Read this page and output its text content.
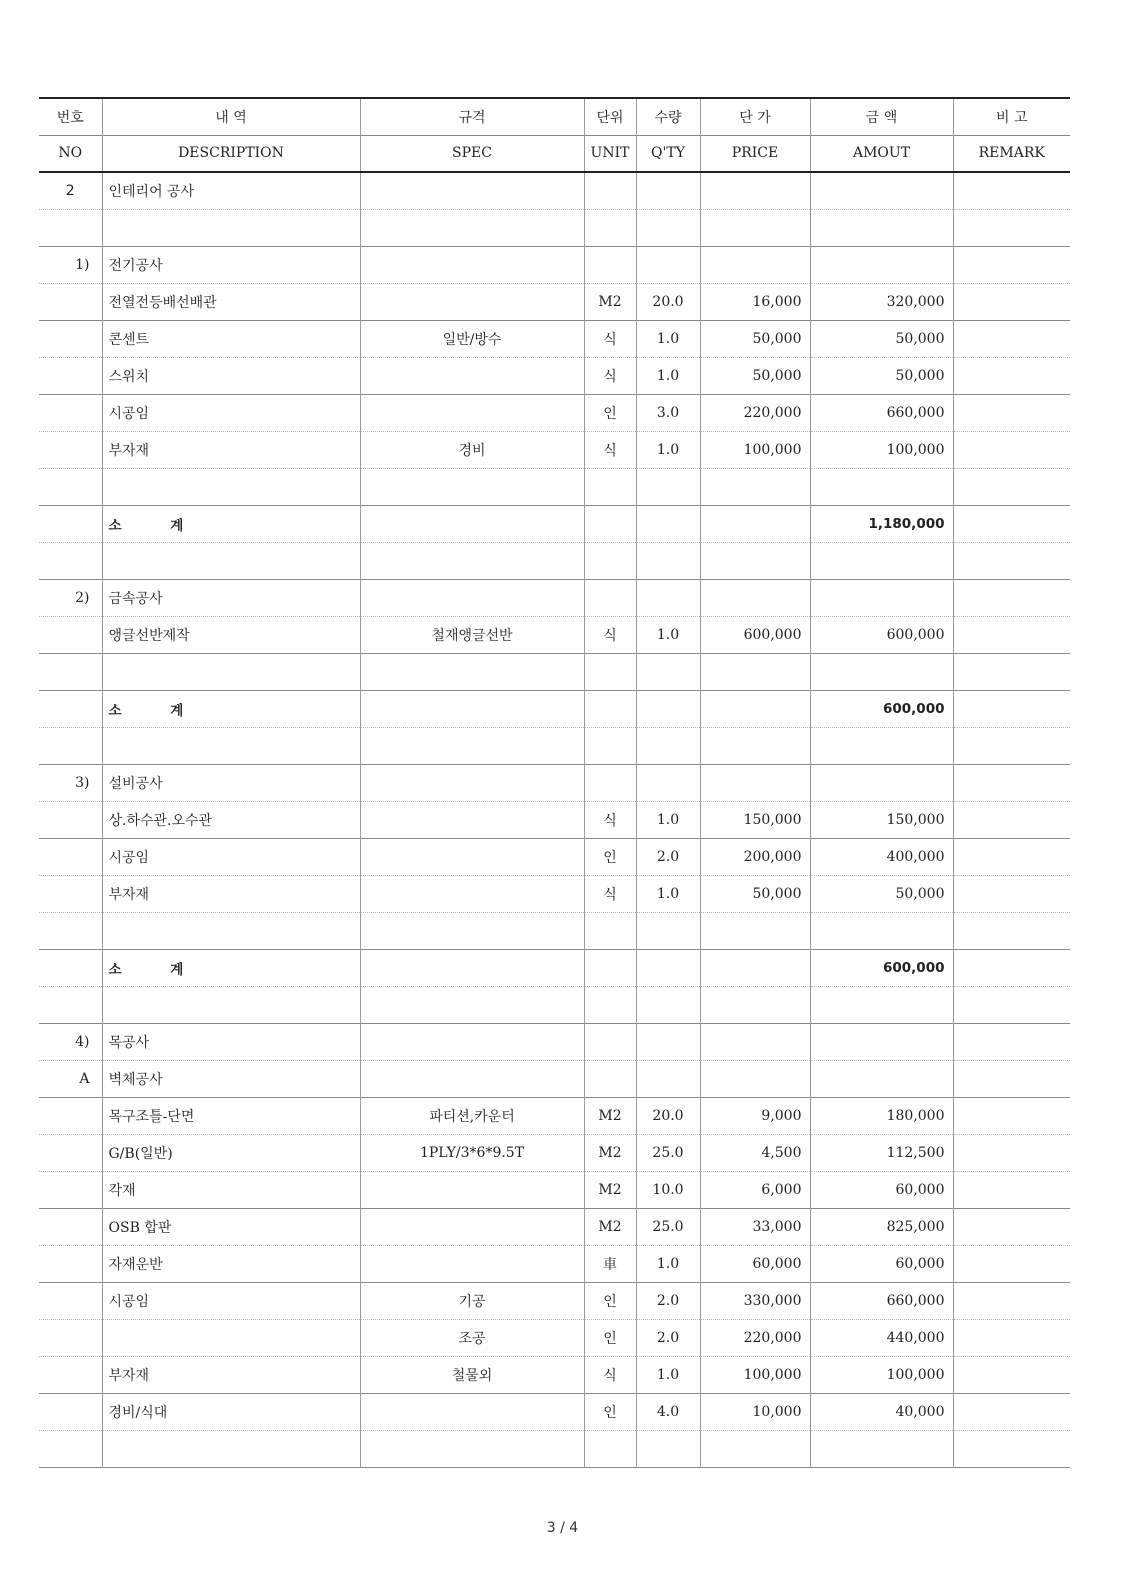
번호	내 역	규격	단위	수량	단 가	금 액	비 고
NO	DESCRIPTION	SPEC	UNIT	Q'TY	PRICE	AMOUT	REMARK
2	인테리어 공사						

1)	전기공사						
	전열전등배선배관		M2	20.0	16,000	320,000	
	콘센트	일반/방수	식	1.0	50,000	50,000	
	스위치		식	1.0	50,000	50,000	
	시공임		인	3.0	220,000	660,000	
	부자재	경비	식	1.0	100,000	100,000	

	소 계					1,180,000	

2)	금속공사						
	앵글선반제작	철재앵글선반	식	1.0	600,000	600,000	

	소 계					600,000	

3)	설비공사						
	상.하수관.오수관		식	1.0	150,000	150,000	
	시공임		인	2.0	200,000	400,000	
	부자재		식	1.0	50,000	50,000	

	소 계					600,000	

4)	목공사						
A	벽체공사						
	목구조틀-단면	파티션,카운터	M2	20.0	9,000	180,000	
	G/B(일반)	1PLY/3*6*9.5T	M2	25.0	4,500	112,500	
	각재		M2	10.0	6,000	60,000	
	OSB 합판		M2	25.0	33,000	825,000	
	자재운반		車	1.0	60,000	60,000	
	시공임	기공	인	2.0	330,000	660,000	
		조공	인	2.0	220,000	440,000	
	부자재	철물외	식	1.0	100,000	100,000	
	경비/식대		인	4.0	10,000	40,000	

3 / 4
